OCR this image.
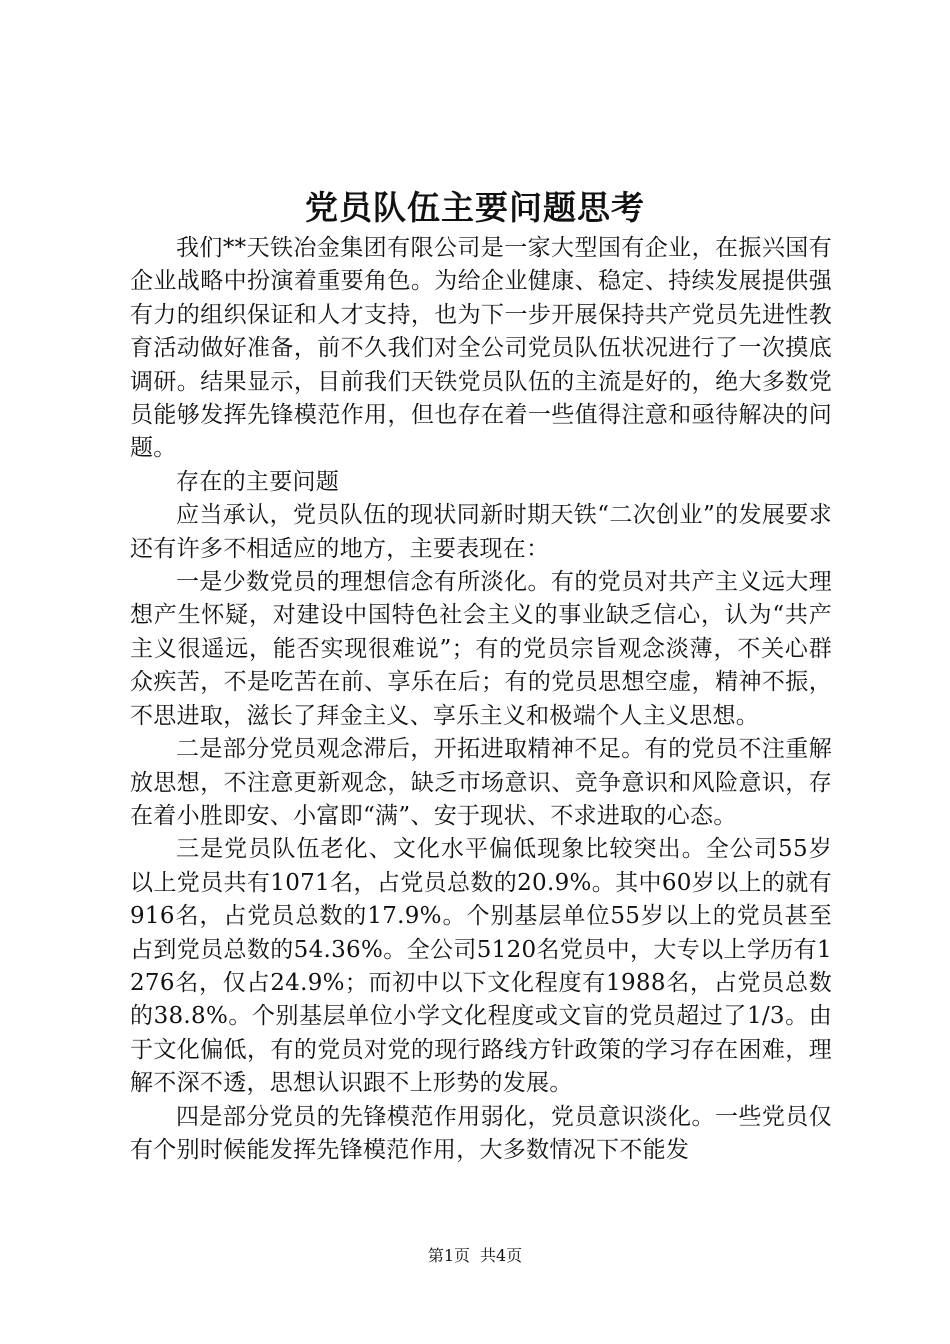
党员队伍主要问题思考

我们**天铁冶金集团有限公司是一家大型国有企业，在振兴国有企业战略中扮演着重要角色。为给企业健康、稳定、持续发展提供强有力的组织保证和人才支持，也为下一步开展保持共产党员先进性教育活动做好准备，前不久我们对全公司党员队伍状况进行了一次摸底调研。结果显示，目前我们天铁党员队伍的主流是好的，绝大多数党员能够发挥先锋模范作用，但也存在着一些值得注意和亟待解决的问题。

存在的主要问题

应当承认，党员队伍的现状同新时期天铁“二次创业”的发展要求还有许多不相适应的地方，主要表现在：

一是少数党员的理想信念有所淡化。有的党员对共产主义远大理想产生怀疑，对建设中国特色社会主义的事业缺乏信心，认为“共产主义很遥远，能否实现很难说”；有的党员宗旨观念淡薄，不关心群众疾苦，不是吃苦在前、享乐在后；有的党员思想空虚，精神不振，不思进取，滋长了拜金主义、享乐主义和极端个人主义思想。

二是部分党员观念滞后，开拓进取精神不足。有的党员不注重解放思想，不注意更新观念，缺乏市场意识、竞争意识和风险意识，存在着小胜即安、小富即“满”、安于现状、不求进取的心态。

三是党员队伍老化、文化水平偏低现象比较突出。全公司55岁以上党员共有1071名，占党员总数的20.9%。其中60岁以上的就有916名，占党员总数的17.9%。个别基层单位55岁以上的党员甚至占到党员总数的54.36%。全公司5120名党员中，大专以上学历有1276名，仅占24.9%；而初中以下文化程度有1988名，占党员总数的38.8%。个别基层单位小学文化程度或文盲的党员超过了1/3。由于文化偏低，有的党员对党的现行路线方针政策的学习存在困难，理解不深不透，思想认识跟不上形势的发展。

四是部分党员的先锋模范作用弱化，党员意识淡化。一些党员仅有个别时候能发挥先锋模范作用，大多数情况下不能发

第1页 共4页
